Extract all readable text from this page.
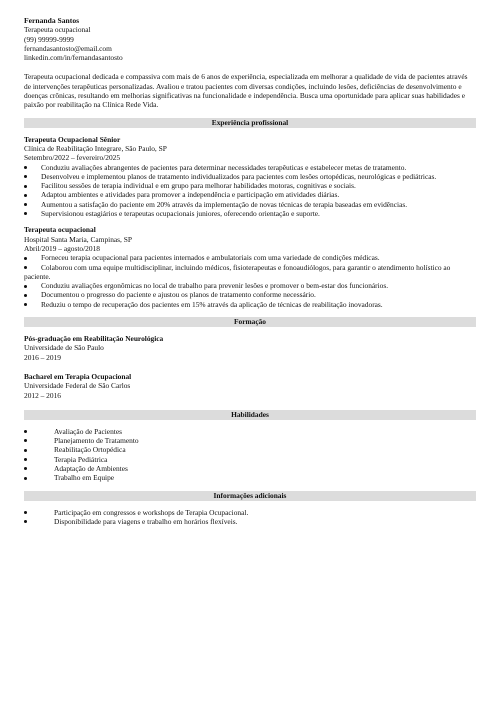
Fernanda Santos
Terapeuta ocupacional
(99) 99999-9999
fernandasantosto@email.com
linkedin.com/in/fernandasantosto
Terapeuta ocupacional dedicada e compassiva com mais de 6 anos de experiência, especializada em melhorar a qualidade de vida de pacientes através de intervenções terapêuticas personalizadas. Avaliou e tratou pacientes com diversas condições, incluindo lesões, deficiências de desenvolvimento e doenças crônicas, resultando em melhorias significativas na funcionalidade e independência. Busca uma oportunidade para aplicar suas habilidades e paixão por reabilitação na Clínica Rede Vida.
Experiência profissional
Terapeuta Ocupacional Sênior
Clínica de Reabilitação Integrare, São Paulo, SP
Setembro/2022 – fevereiro/2025
Conduziu avaliações abrangentes de pacientes para determinar necessidades terapêuticas e estabelecer metas de tratamento.
Desenvolveu e implementou planos de tratamento individualizados para pacientes com lesões ortopédicas, neurológicas e pediátricas.
Facilitou sessões de terapia individual e em grupo para melhorar habilidades motoras, cognitivas e sociais.
Adaptou ambientes e atividades para promover a independência e participação em atividades diárias.
Aumentou a satisfação do paciente em 20% através da implementação de novas técnicas de terapia baseadas em evidências.
Supervisionou estagiários e terapeutas ocupacionais juniores, oferecendo orientação e suporte.
Terapeuta ocupacional
Hospital Santa Maria, Campinas, SP
Abril/2019 – agosto/2018
Forneceu terapia ocupacional para pacientes internados e ambulatoriais com uma variedade de condições médicas.
Colaborou com uma equipe multidisciplinar, incluindo médicos, fisioterapeutas e fonoaudiólogos, para garantir o atendimento holístico ao paciente.
Conduziu avaliações ergonômicas no local de trabalho para prevenir lesões e promover o bem-estar dos funcionários.
Documentou o progresso do paciente e ajustou os planos de tratamento conforme necessário.
Reduziu o tempo de recuperação dos pacientes em 15% através da aplicação de técnicas de reabilitação inovadoras.
Formação
Pós-graduação em Reabilitação Neurológica
Universidade de São Paulo
2016 – 2019
Bacharel em Terapia Ocupacional
Universidade Federal de São Carlos
2012 – 2016
Habilidades
Avaliação de Pacientes
Planejamento de Tratamento
Reabilitação Ortopédica
Terapia Pediátrica
Adaptação de Ambientes
Trabalho em Equipe
Informações adicionais
Participação em congressos e workshops de Terapia Ocupacional.
Disponibilidade para viagens e trabalho em horários flexíveis.
